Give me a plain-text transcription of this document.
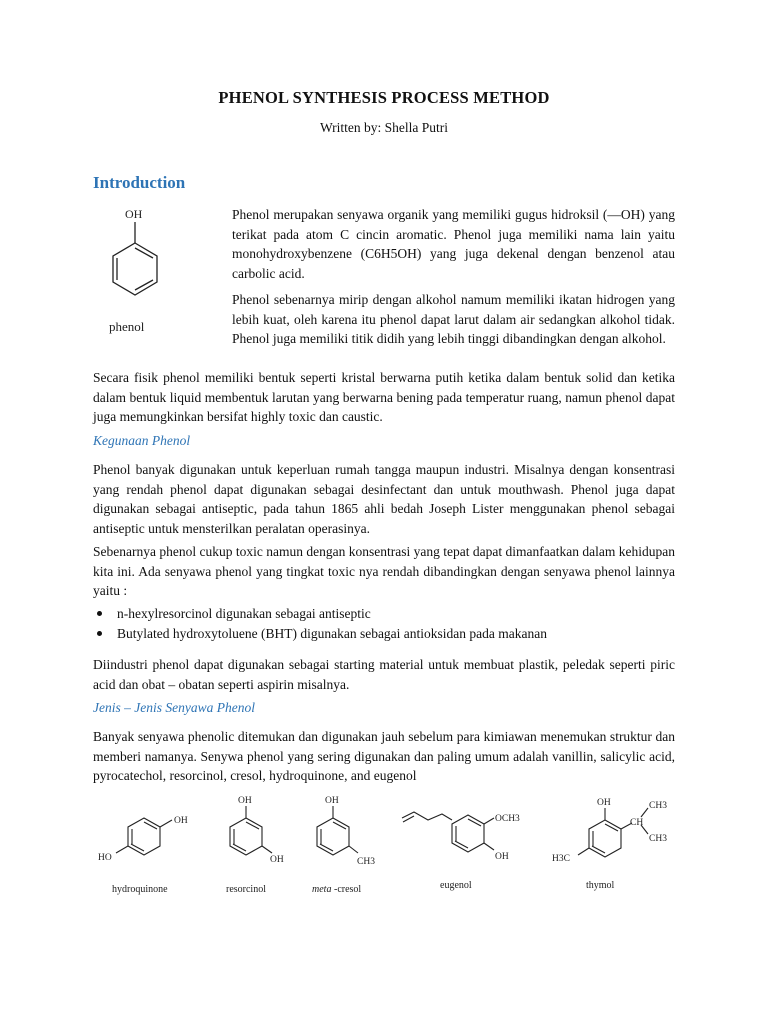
PHENOL SYNTHESIS PROCESS METHOD
Written by: Shella Putri
Introduction
OH
phenol

Phenol merupakan senyawa organik yang memiliki gugus hidroksil (—OH) yang terikat pada atom C cincin aromatic. Phenol juga memiliki nama lain yaitu monohydroxybenzene (C6H5OH) yang juga dekenal dengan benzenol atau carbolic acid.

Phenol sebenarnya mirip dengan alkohol namum memiliki ikatan hidrogen yang lebih kuat, oleh karena itu phenol dapat larut dalam air sedangkan alkohol tidak. Phenol juga memiliki titik didih yang lebih tinggi dibandingkan dengan alkohol.

Secara fisik phenol memiliki bentuk seperti kristal berwarna putih ketika dalam bentuk solid dan ketika dalam bentuk liquid membentuk larutan yang berwarna bening pada temperatur ruang, namun phenol dapat juga memungkinkan bersifat highly toxic dan caustic.

Kegunaan Phenol

Phenol banyak digunakan untuk keperluan rumah tangga maupun industri. Misalnya dengan konsentrasi yang rendah phenol dapat digunakan sebagai desinfectant dan untuk mouthwash. Phenol juga dapat digunakan sebagai antiseptic, pada tahun 1865 ahli bedah Joseph Lister menggunakan phenol sebagai antiseptic untuk mensterilkan peralatan operasinya.

Sebenarnya phenol cukup toxic namun dengan konsentrasi yang tepat dapat dimanfaatkan dalam kehidupan kita ini. Ada senyawa phenol yang tingkat toxic nya rendah dibandingkan dengan senyawa phenol lainnya yaitu :

n-hexylresorcinol digunakan sebagai antiseptic
Butylated hydroxytoluene (BHT) digunakan sebagai antioksidan pada makanan

Diindustri phenol dapat digunakan sebagai starting material untuk membuat plastik, peledak seperti piric acid dan obat – obatan seperti aspirin misalnya.

Jenis – Jenis Senyawa Phenol

Banyak senyawa phenolic ditemukan dan digunakan jauh sebelum para kimiawan menemukan struktur dan memberi namanya. Senywa phenol yang sering digunakan dan paling umum adalah vanillin, salicylic acid, pyrocatechol, resorcinol, cresol, hydroquinone, and eugenol

OH
HO
hydroquinone
OH
OH
resorcinol
OH
CH3
meta -cresol
OCH3
OH
eugenol
OH	CH3
CH
CH3
H3C
thymol
